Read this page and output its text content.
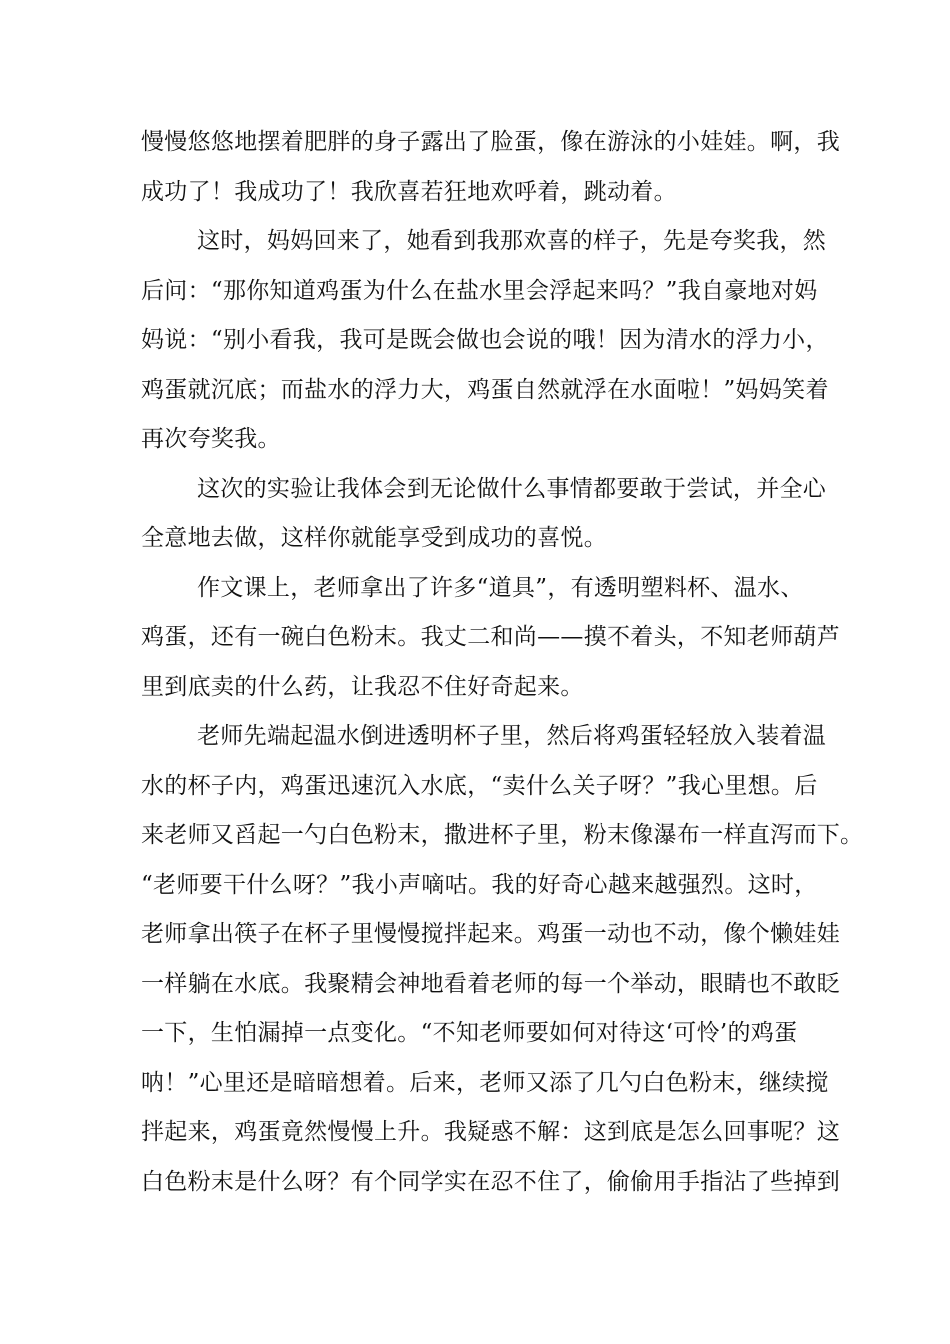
慢慢悠悠地摆着肥胖的身子露出了脸蛋，像在游泳的小娃娃。啊，我
成功了！我成功了！我欣喜若狂地欢呼着，跳动着。
这时，妈妈回来了，她看到我那欢喜的样子，先是夸奖我，然
后问：“那你知道鸡蛋为什么在盐水里会浮起来吗？”我自豪地对妈
妈说：“别小看我，我可是既会做也会说的哦！因为清水的浮力小，
鸡蛋就沉底；而盐水的浮力大，鸡蛋自然就浮在水面啦！”妈妈笑着
再次夸奖我。
这次的实验让我体会到无论做什么事情都要敢于尝试，并全心
全意地去做，这样你就能享受到成功的喜悦。
作文课上，老师拿出了许多“道具”，有透明塑料杯、温水、
鸡蛋，还有一碗白色粉末。我丈二和尚——摸不着头，不知老师葫芦
里到底卖的什么药，让我忍不住好奇起来。
老师先端起温水倒进透明杯子里，然后将鸡蛋轻轻放入装着温
水的杯子内，鸡蛋迅速沉入水底，“卖什么关子呀？”我心里想。后
来老师又舀起一勺白色粉末，撒进杯子里，粉末像瀑布一样直泻而下。
“老师要干什么呀？”我小声嘀咕。我的好奇心越来越强烈。这时，
老师拿出筷子在杯子里慢慢搅拌起来。鸡蛋一动也不动，像个懒娃娃
一样躺在水底。我聚精会神地看着老师的每一个举动，眼睛也不敢眨
一下，生怕漏掉一点变化。“不知老师要如何对待这‘可怜’的鸡蛋
呐！”心里还是暗暗想着。后来，老师又添了几勺白色粉末，继续搅
拌起来，鸡蛋竟然慢慢上升。我疑惑不解：这到底是怎么回事呢？这
白色粉末是什么呀？有个同学实在忍不住了，偷偷用手指沾了些掉到
